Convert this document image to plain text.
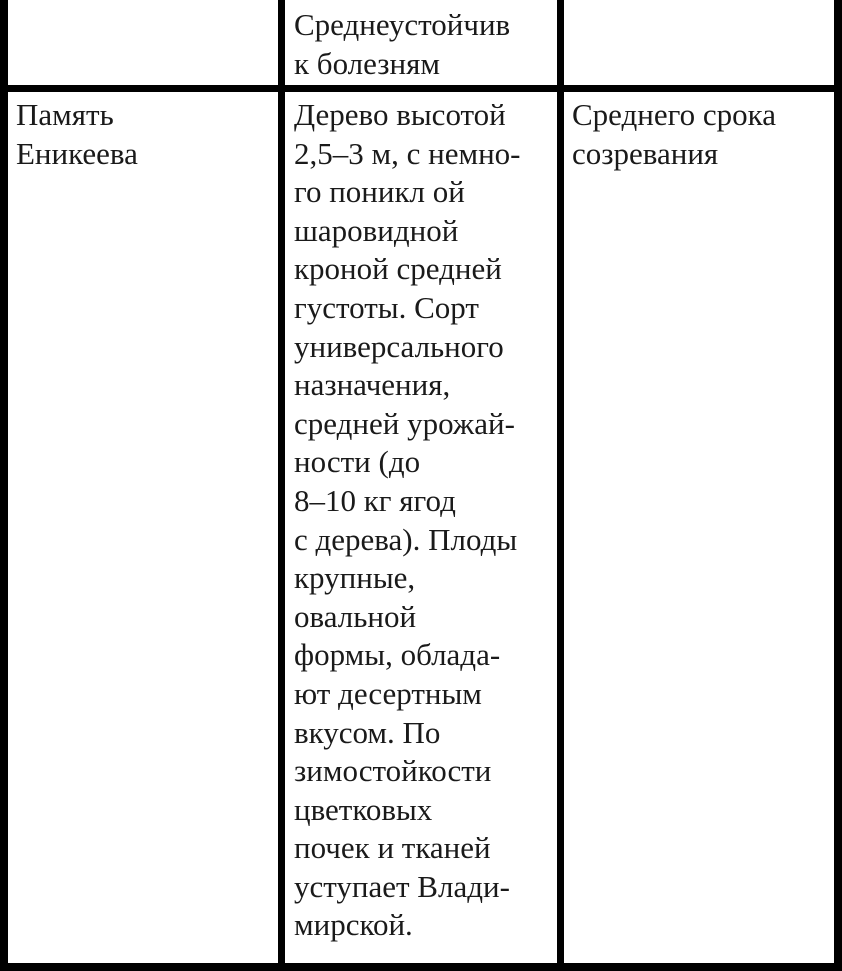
Среднеустойчив
к болезням
Память
Еникеева
Дерево высотой
2,5–3 м, с немно-
го поникл ой
шаровидной
кроной средней
густоты. Сорт
универсального
назначения,
средней урожай-
ности (до
8–10 кг ягод
с дерева). Плоды
крупные,
овальной
формы, облада-
ют десертным
вкусом. По
зимостойкости
цветковых
почек и тканей
уступает Влади-
мирской.
Среднего срока
созревания
